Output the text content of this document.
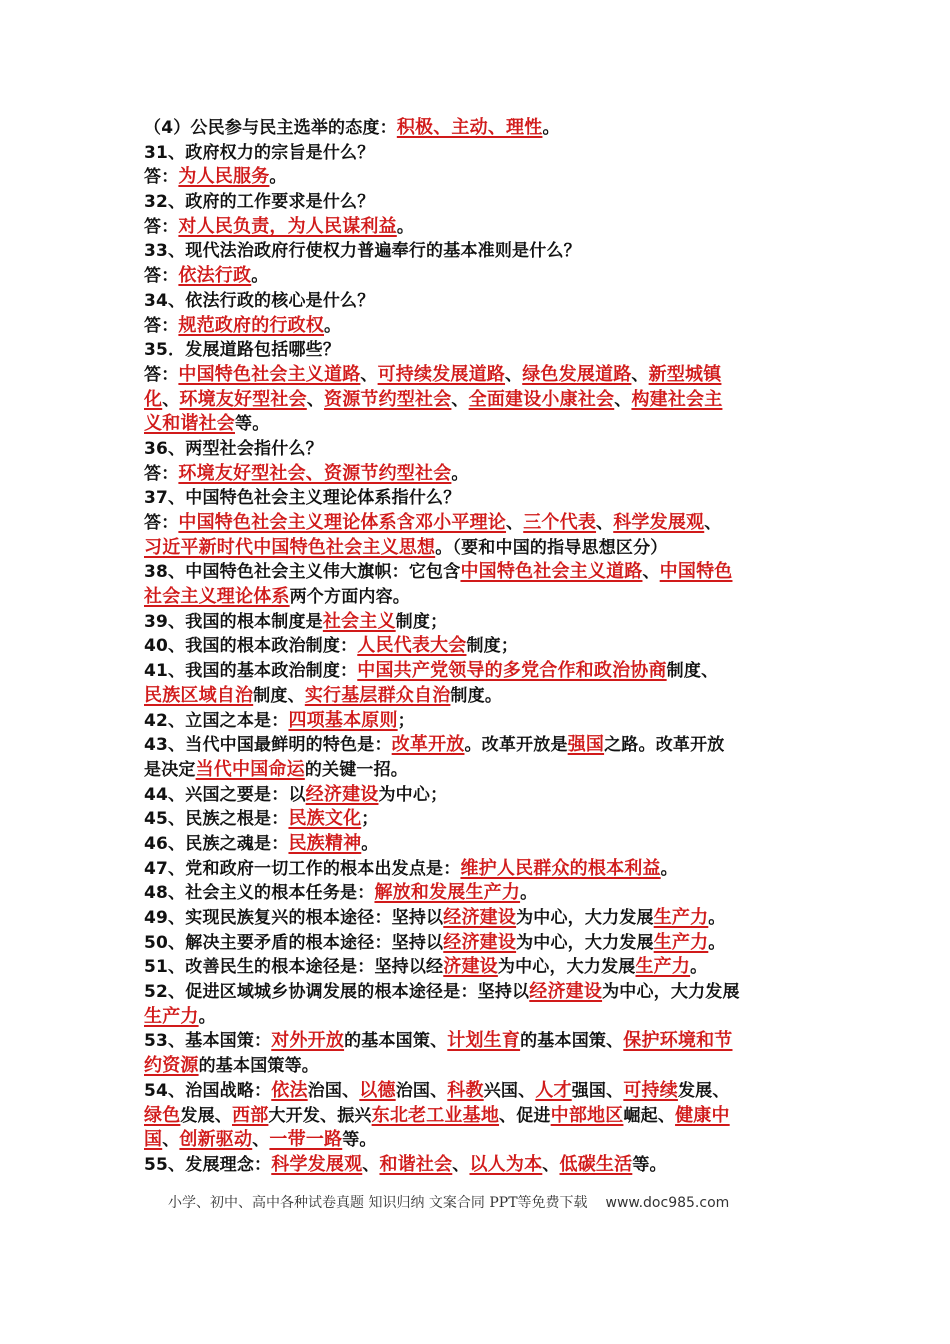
（4）公民参与民主选举的态度：积极、主动、理性。
31、政府权力的宗旨是什么？
答：为人民服务。
32、政府的工作要求是什么？
答：对人民负责，为人民谋利益。
33、现代法治政府行使权力普遍奉行的基本准则是什么？
答：依法行政。
34、依法行政的核心是什么？
答：规范政府的行政权。
35．发展道路包括哪些？
答：中国特色社会主义道路、可持续发展道路、绿色发展道路、新型城镇
化、环境友好型社会、资源节约型社会、全面建设小康社会、构建社会主
义和谐社会等。
36、两型社会指什么？
答：环境友好型社会、资源节约型社会。
37、中国特色社会主义理论体系指什么？
答：中国特色社会主义理论体系含邓小平理论、三个代表、科学发展观、
习近平新时代中国特色社会主义思想。（要和中国的指导思想区分）
38、中国特色社会主义伟大旗帜：它包含中国特色社会主义道路、中国特色
社会主义理论体系两个方面内容。
39、我国的根本制度是社会主义制度；
40、我国的根本政治制度：人民代表大会制度；
41、我国的基本政治制度：中国共产党领导的多党合作和政治协商制度、
民族区域自治制度、实行基层群众自治制度。
42、立国之本是：四项基本原则；
43、当代中国最鲜明的特色是：改革开放。改革开放是强国之路。改革开放
是决定当代中国命运的关键一招。
44、兴国之要是：以经济建设为中心；
45、民族之根是：民族文化；
46、民族之魂是：民族精神。
47、党和政府一切工作的根本出发点是：维护人民群众的根本利益。
48、社会主义的根本任务是：解放和发展生产力。
49、实现民族复兴的根本途径：坚持以经济建设为中心，大力发展生产力。
50、解决主要矛盾的根本途径：坚持以经济建设为中心，大力发展生产力。
51、改善民生的根本途径是：坚持以经济建设为中心，大力发展生产力。
52、促进区域城乡协调发展的根本途径是：坚持以经济建设为中心，大力发展
生产力。
53、基本国策：对外开放的基本国策、计划生育的基本国策、保护环境和节
约资源的基本国策等。
54、治国战略：依法治国、以德治国、科教兴国、人才强国、可持续发展、
绿色发展、西部大开发、振兴东北老工业基地、促进中部地区崛起、健康中
国、创新驱动、一带一路等。
55、发展理念：科学发展观、和谐社会、以人为本、低碳生活等。
小学、初中、高中各种试卷真题 知识归纳 文案合同 PPT等免费下载 www.doc985.com
